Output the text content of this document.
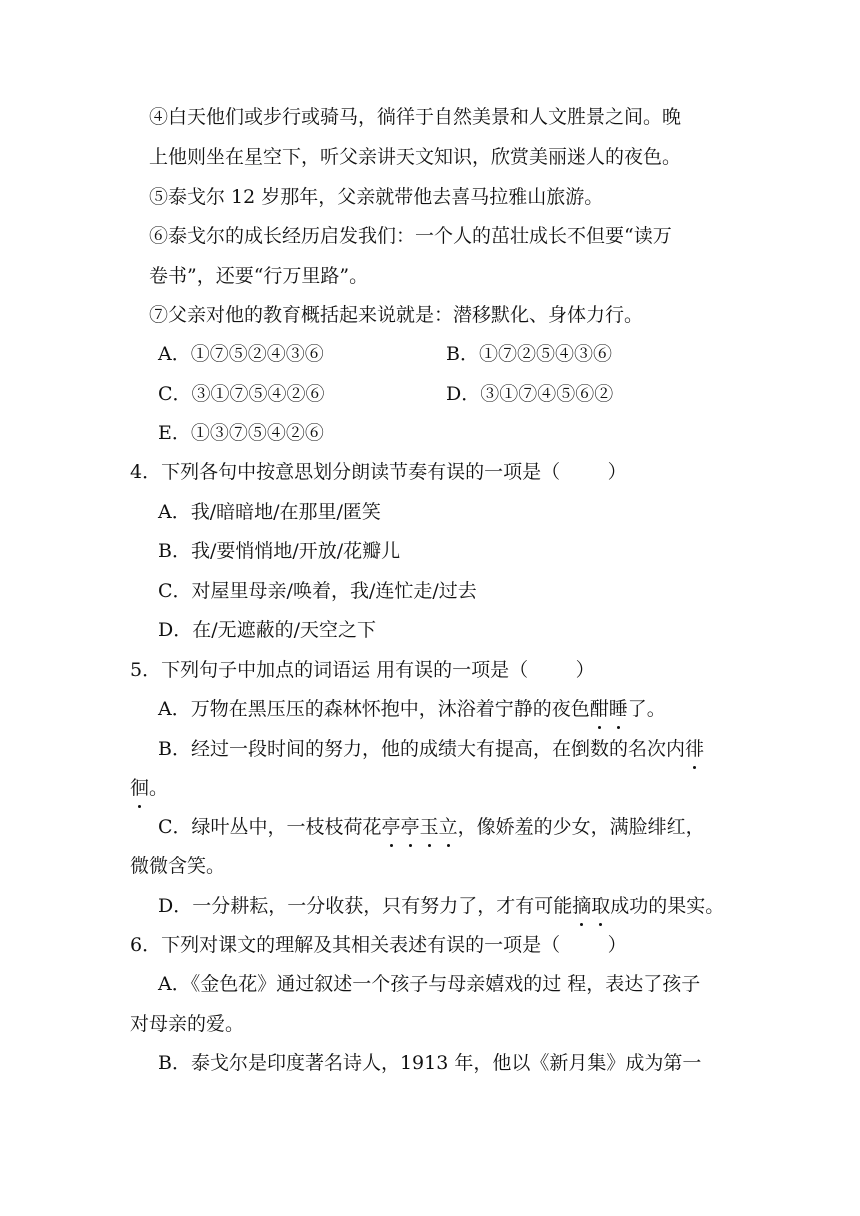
④白天他们或步行或骑马，徜徉于自然美景和人文胜景之间。晚
上他则坐在星空下，听父亲讲天文知识，欣赏美丽迷人的夜色。
⑤泰戈尔 12 岁那年，父亲就带他去喜马拉雅山旅游。
⑥泰戈尔的成长经历启发我们：一个人的茁壮成长不但要“读万
卷书”，还要“行万里路”。
⑦父亲对他的教育概括起来说就是：潜移默化、身体力行。
A．①⑦⑤②④③⑥	B．①⑦②⑤④③⑥
C．③①⑦⑤④②⑥	D．③①⑦④⑤⑥②
E．①③⑦⑤④②⑥
4．下列各句中按意思划分朗读节奏有误的一项是（	）
A．我/暗暗地/在那里/匿笑
B．我/要悄悄地/开放/花瓣儿
C．对屋里母亲/唤着，我/连忙走/过去
D．在/无遮蔽的/天空之下
5．下列句子中加点的词语运 用有误的一项是（	）
A．万物在黑压压的森林怀抱中，沐浴着宁静的夜色酣睡了。
B．经过一段时间的努力，他的成绩大有提高，在倒数的名次内徘
徊。
C．绿叶丛中，一枝枝荷花亭亭玉立，像娇羞的少女，满脸绯红，
微微含笑。
D．一分耕耘，一分收获，只有努力了，才有可能摘取成功的果实。
6．下列对课文的理解及其相关表述有误的一项是（	）
A．《金色花》通过叙述一个孩子与母亲嬉戏的过 程，表达了孩子
对母亲的爱。
B．泰戈尔是印度著名诗人，1913 年，他以《新月集》成为第一
